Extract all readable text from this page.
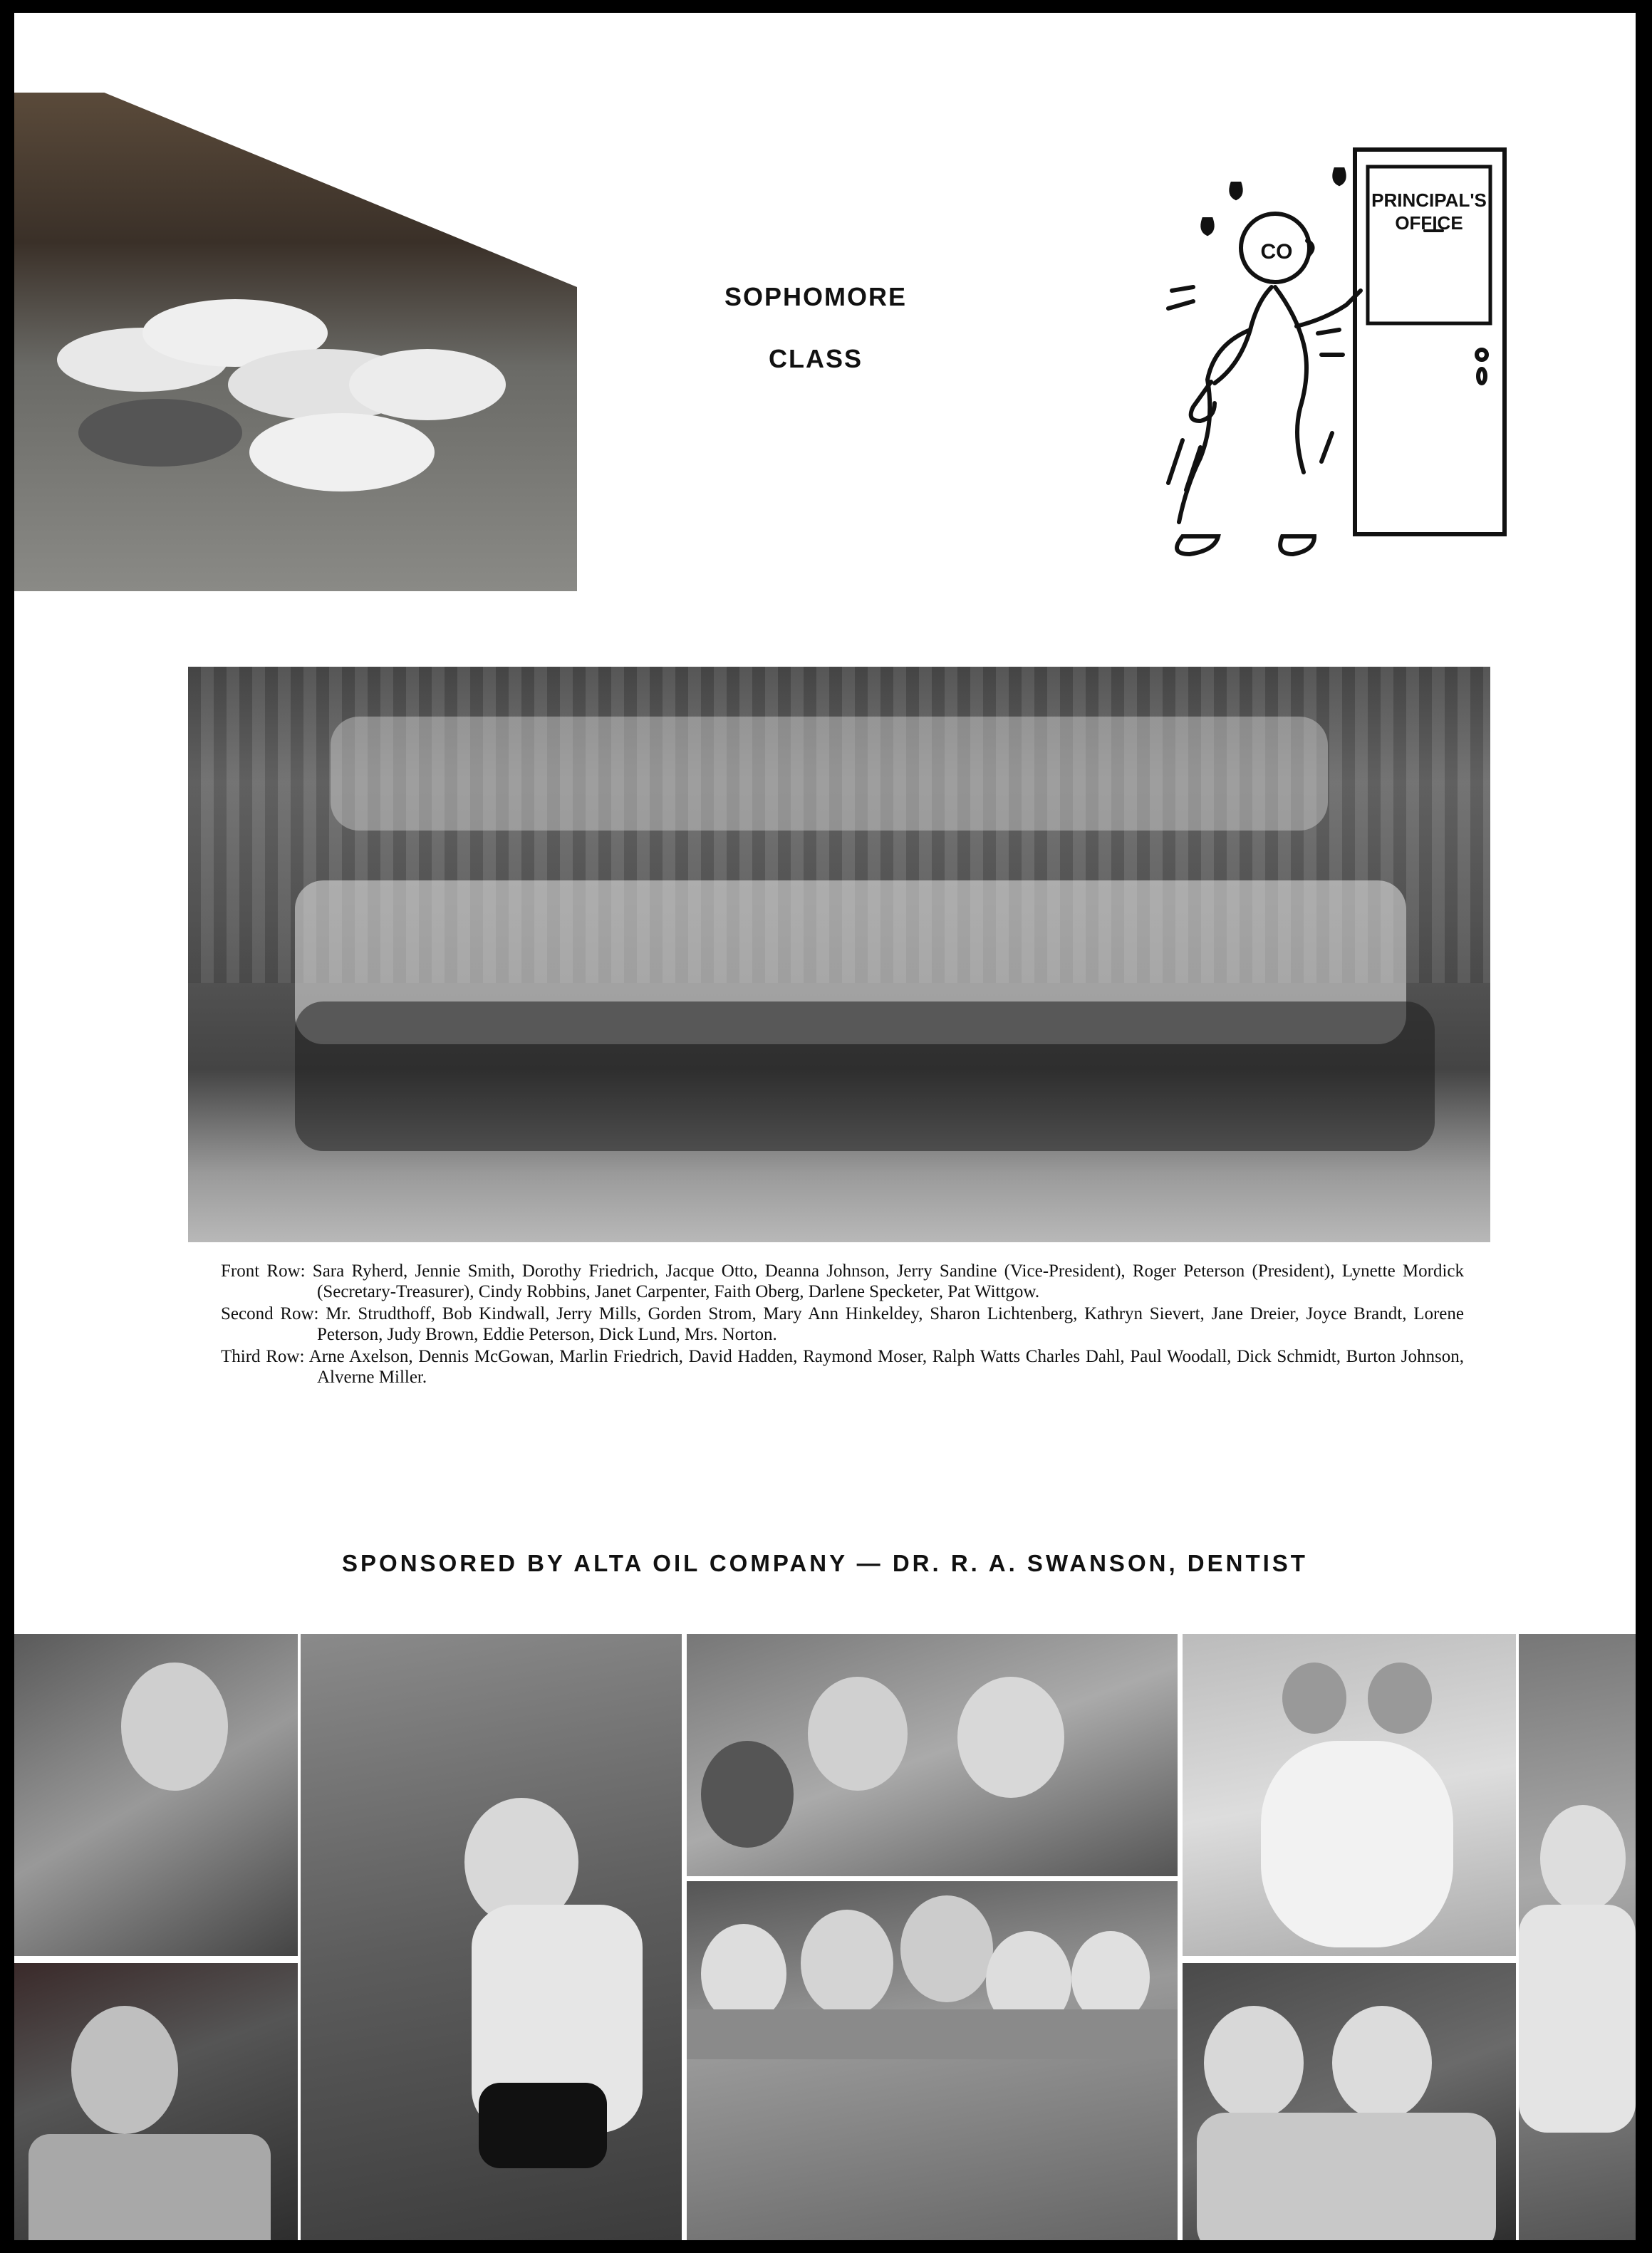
SOPHOMORE
CLASS
PRINCIPAL'S
OFFICE
CO
Front Row: Sara Ryherd, Jennie Smith, Dorothy Friedrich, Jacque Otto, Deanna Johnson, Jerry Sandine (Vice-President), Roger Peterson (President), Lynette Mordick (Secretary-Treasurer), Cindy Robbins, Janet Carpenter, Faith Oberg, Darlene Specketer, Pat Wittgow.
Second Row: Mr. Strudthoff, Bob Kindwall, Jerry Mills, Gorden Strom, Mary Ann Hinkeldey, Sharon Lichtenberg, Kathryn Sievert, Jane Dreier, Joyce Brandt, Lorene Peterson, Judy Brown, Eddie Peterson, Dick Lund, Mrs. Norton.
Third Row: Arne Axelson, Dennis McGowan, Marlin Friedrich, David Hadden, Raymond Moser, Ralph Watts Charles Dahl, Paul Woodall, Dick Schmidt, Burton Johnson, Alverne Miller.
SPONSORED BY ALTA OIL COMPANY — DR. R. A. SWANSON, DENTIST
